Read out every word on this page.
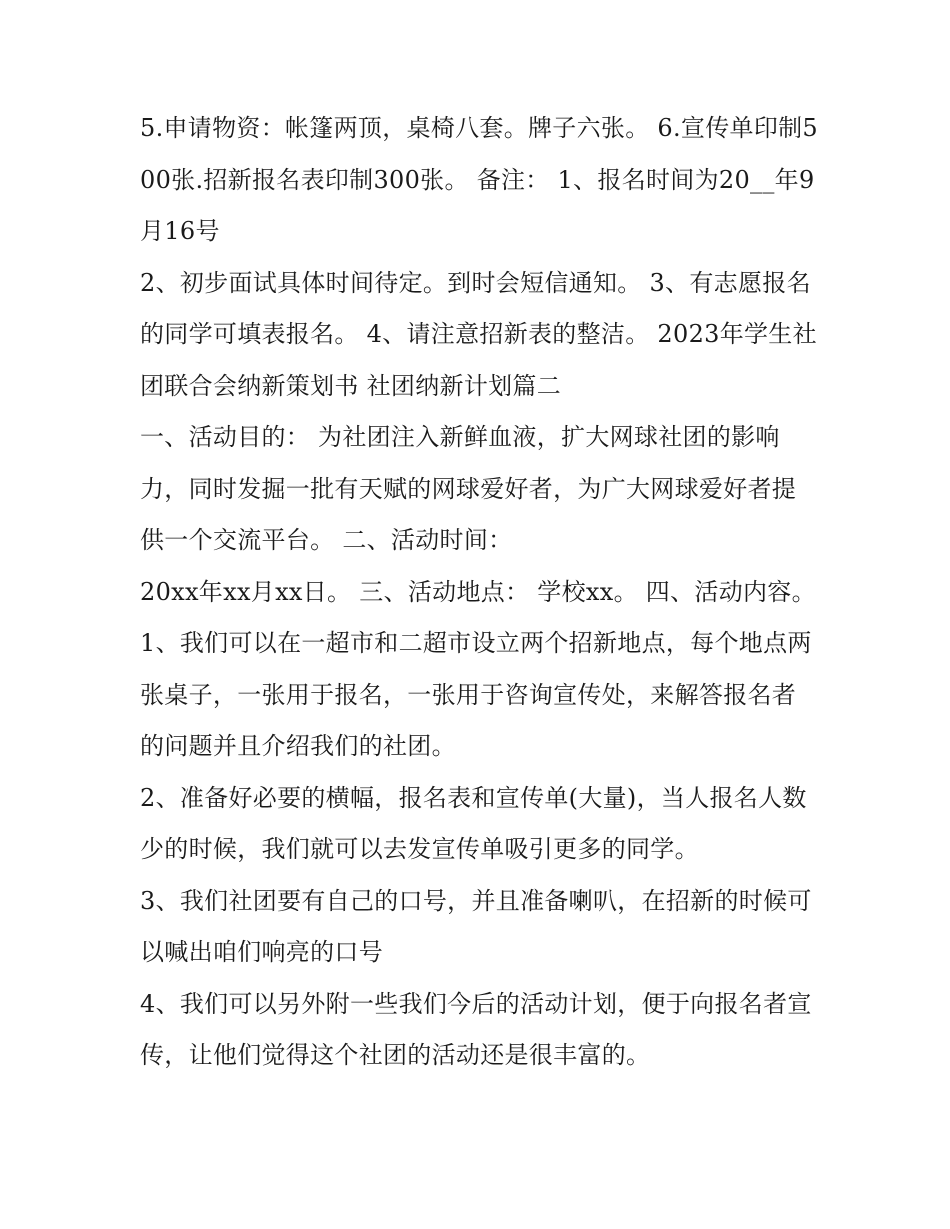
5.申请物资：帐篷两顶，桌椅八套。牌子六张。 6.宣传单印制500张.招新报名表印制300张。 备注： 1、报名时间为20__年9月16号

2、初步面试具体时间待定。到时会短信通知。 3、有志愿报名的同学可填表报名。 4、请注意招新表的整洁。 2023年学生社团联合会纳新策划书 社团纳新计划篇二

一、活动目的： 为社团注入新鲜血液，扩大网球社团的影响力，同时发掘一批有天赋的网球爱好者，为广大网球爱好者提供一个交流平台。 二、活动时间：

20xx年xx月xx日。 三、活动地点： 学校xx。 四、活动内容。

1、我们可以在一超市和二超市设立两个招新地点，每个地点两张桌子，一张用于报名，一张用于咨询宣传处，来解答报名者的问题并且介绍我们的社团。

2、准备好必要的横幅，报名表和宣传单(大量)，当人报名人数少的时候，我们就可以去发宣传单吸引更多的同学。

3、我们社团要有自己的口号，并且准备喇叭，在招新的时候可以喊出咱们响亮的口号

4、我们可以另外附一些我们今后的活动计划，便于向报名者宣传，让他们觉得这个社团的活动还是很丰富的。
